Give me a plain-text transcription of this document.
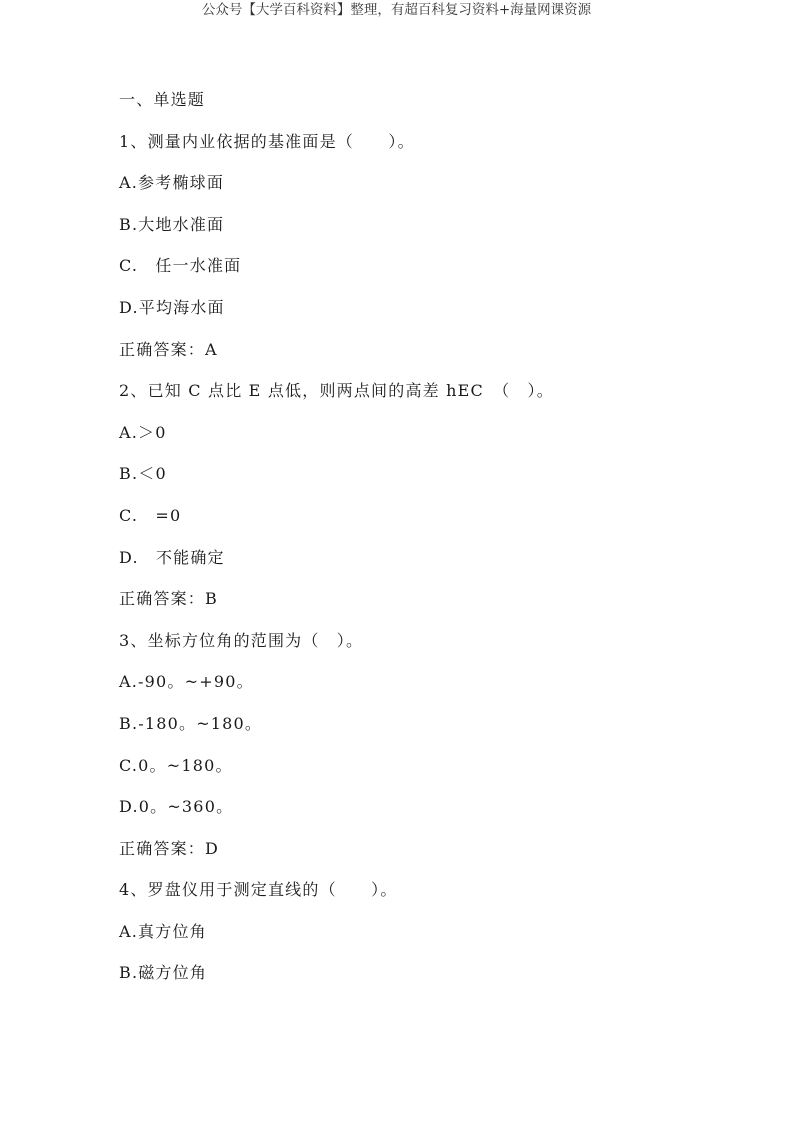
公众号【大学百科资料】整理，有超百科复习资料+海量网课资源
一、单选题
1、测量内业依据的基准面是（　　）。
A.参考椭球面
B.大地水准面
C.　任一水准面
D.平均海水面
正确答案：A
2、已知 C 点比 E 点低，则两点间的高差 hEC　（　）。
A.＞0
B.＜0
C.　=0
D.　不能确定
正确答案：B
3、坐标方位角的范围为（　）。
A.-90。~+90。
B.-180。~180。
C.0。~180。
D.0。~360。
正确答案：D
4、罗盘仪用于测定直线的（　　）。
A.真方位角
B.磁方位角
